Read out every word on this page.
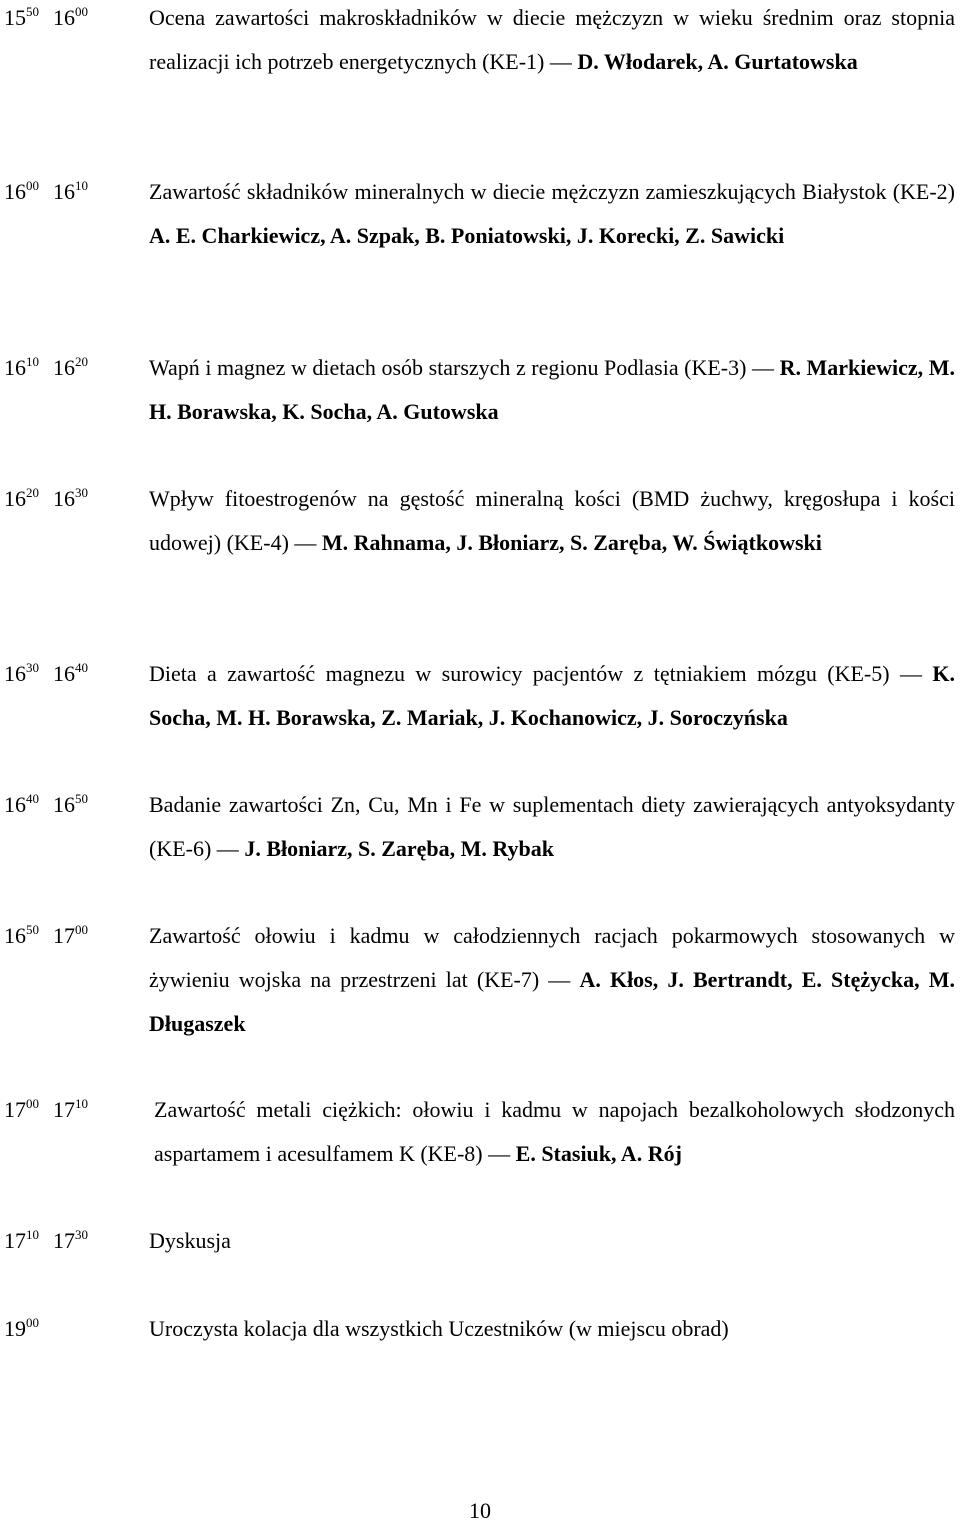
$15^{50}$ $16^{00}$	Ocena zawartości makroskładników w diecie mężczyzn w wieku średnim oraz stopnia realizacji ich potrzeb energetycznych (KE-1) — D. Włodarek, A. Gurtatowska
$16^{00}$ $16^{10}$	Zawartość składników mineralnych w diecie mężczyzn zamieszkujących Białystok (KE-2) A. E. Charkiewicz, A. Szpak, B. Poniatowski, J. Korecki, Z. Sawicki
$16^{10}$ $16^{20}$	Wapń i magnez w dietach osób starszych z regionu Podlasia (KE-3) — R. Markiewicz, M. H. Borawska, K. Socha, A. Gutowska
$16^{20}$ $16^{30}$	Wpływ fitoestrogenów na gęstość mineralną kości (BMD żuchwy, kręgosłupa i kości udowej) (KE-4) — M. Rahnama, J. Błoniarz, S. Zaręba, W. Świątkowski
$16^{30}$ $16^{40}$	Dieta a zawartość magnezu w surowicy pacjentów z tętniakiem mózgu (KE-5) — K. Socha, M. H. Borawska, Z. Mariak, J. Kochanowicz, J. Soroczyńska
$16^{40}$ $16^{50}$	Badanie zawartości Zn, Cu, Mn i Fe w suplementach diety zawierających antyoksydanty (KE-6) — J. Błoniarz, S. Zaręba, M. Rybak
$16^{50}$ $17^{00}$	Zawartość ołowiu i kadmu w całodziennych racjach pokarmowych stosowanych w żywieniu wojska na przestrzeni lat (KE-7) — A. Kłos, J. Bertrandt, E. Stężycka, M. Długaszek
$17^{00}$ $17^{10}$	Zawartość metali ciężkich: ołowiu i kadmu w napojach bezalkoholowych słodzonych aspartamem i acesulfamem K (KE-8) — E. Stasiuk, A. Rój
$17^{10}$ $17^{30}$	Dyskusja
$19^{00}$	Uroczysta kolacja dla wszystkich Uczestników (w miejscu obrad)
10
